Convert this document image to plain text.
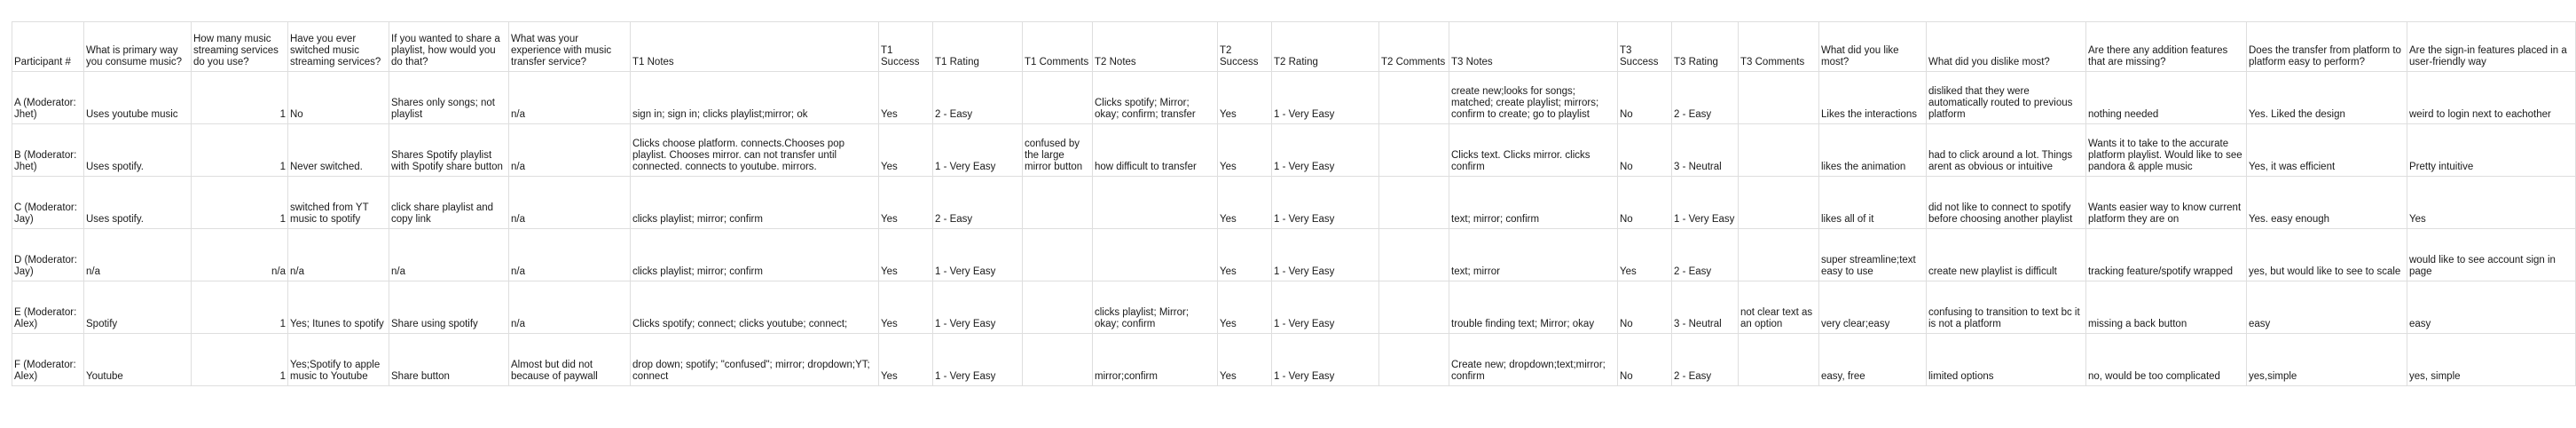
Participant #	What is primary way you consume music?	How many music streaming services do you use?	Have you ever switched music streaming services?	If you wanted to share a playlist, how would you do that?	What was your experience with music transfer service?	T1 Notes	T1 Success	T1 Rating	T1 Comments	T2 Notes	T2 Success	T2 Rating	T2 Comments	T3 Notes	T3 Success	T3 Rating	T3 Comments	What did you like most?	What did you dislike most?	Are there any addition features that are missing?	Does the transfer from platform to platform easy to perform?	Are the sign-in features placed in a user-friendly way
A (Moderator: Jhet)	Uses youtube music	1	No	Shares only songs; not playlist	n/a	sign in; sign in; clicks playlist;mirror; ok	Yes	2 - Easy		Clicks spotify; Mirror; okay; confirm; transfer	Yes	1 - Very Easy		create new;looks for songs; matched; create playlist; mirrors; confirm to create; go to playlist	No	2 - Easy		Likes the interactions	disliked that they were automatically routed to previous platform	nothing needed	Yes. Liked the design	weird to login next to eachother
B (Moderator: Jhet)	Uses spotify.	1	Never switched.	Shares Spotify playlist with Spotify share button	n/a	Clicks choose platform. connects.Chooses pop playlist. Chooses mirror. can not transfer until connected. connects to youtube. mirrors.	Yes	1 - Very Easy	confused by the large mirror button	how difficult to transfer	Yes	1 - Very Easy		Clicks text. Clicks mirror. clicks confirm	No	3 - Neutral		likes the animation	had to click around a lot. Things arent as obvious or intuitive	Wants it to take to the accurate platform playlist. Would like to see pandora & apple music	Yes, it was efficient	Pretty intuitive
C (Moderator: Jay)	Uses spotify.	1	switched from YT music to spotify	click share playlist and copy link	n/a	clicks playlist; mirror; confirm	Yes	2 - Easy			Yes	1 - Very Easy		text; mirror; confirm	No	1 - Very Easy		likes all of it	did not like to connect to spotify before choosing another playlist	Wants easier way to know current platform they are on	Yes. easy enough	Yes
D (Moderator: Jay)	n/a	n/a	n/a	n/a	n/a	clicks playlist; mirror; confirm	Yes	1 - Very Easy			Yes	1 - Very Easy		text; mirror	Yes	2 - Easy		super streamline;text easy to use	create new playlist is difficult	tracking feature/spotify wrapped	yes, but would like to see to scale	would like to see account sign in page
E (Moderator: Alex)	Spotify	1	Yes; Itunes to spotify	Share using spotify	n/a	Clicks spotify; connect; clicks youtube; connect;	Yes	1 - Very Easy		clicks playlist; Mirror; okay; confirm	Yes	1 - Very Easy		trouble finding text; Mirror; okay	No	3 - Neutral	not clear text as an option	very clear;easy	confusing to transition to text bc it is not a platform	missing a back button	easy	easy
F (Moderator: Alex)	Youtube	1	Yes;Spotify to apple music to Youtube	Share button	Almost but did not because of paywall	drop down; spotify; "confused"; mirror; dropdown;YT; connect	Yes	1 - Very Easy		mirror;confirm	Yes	1 - Very Easy		Create new; dropdown;text;mirror; confirm	No	2 - Easy		easy, free	limited options	no, would be too complicated	yes,simple	yes, simple
